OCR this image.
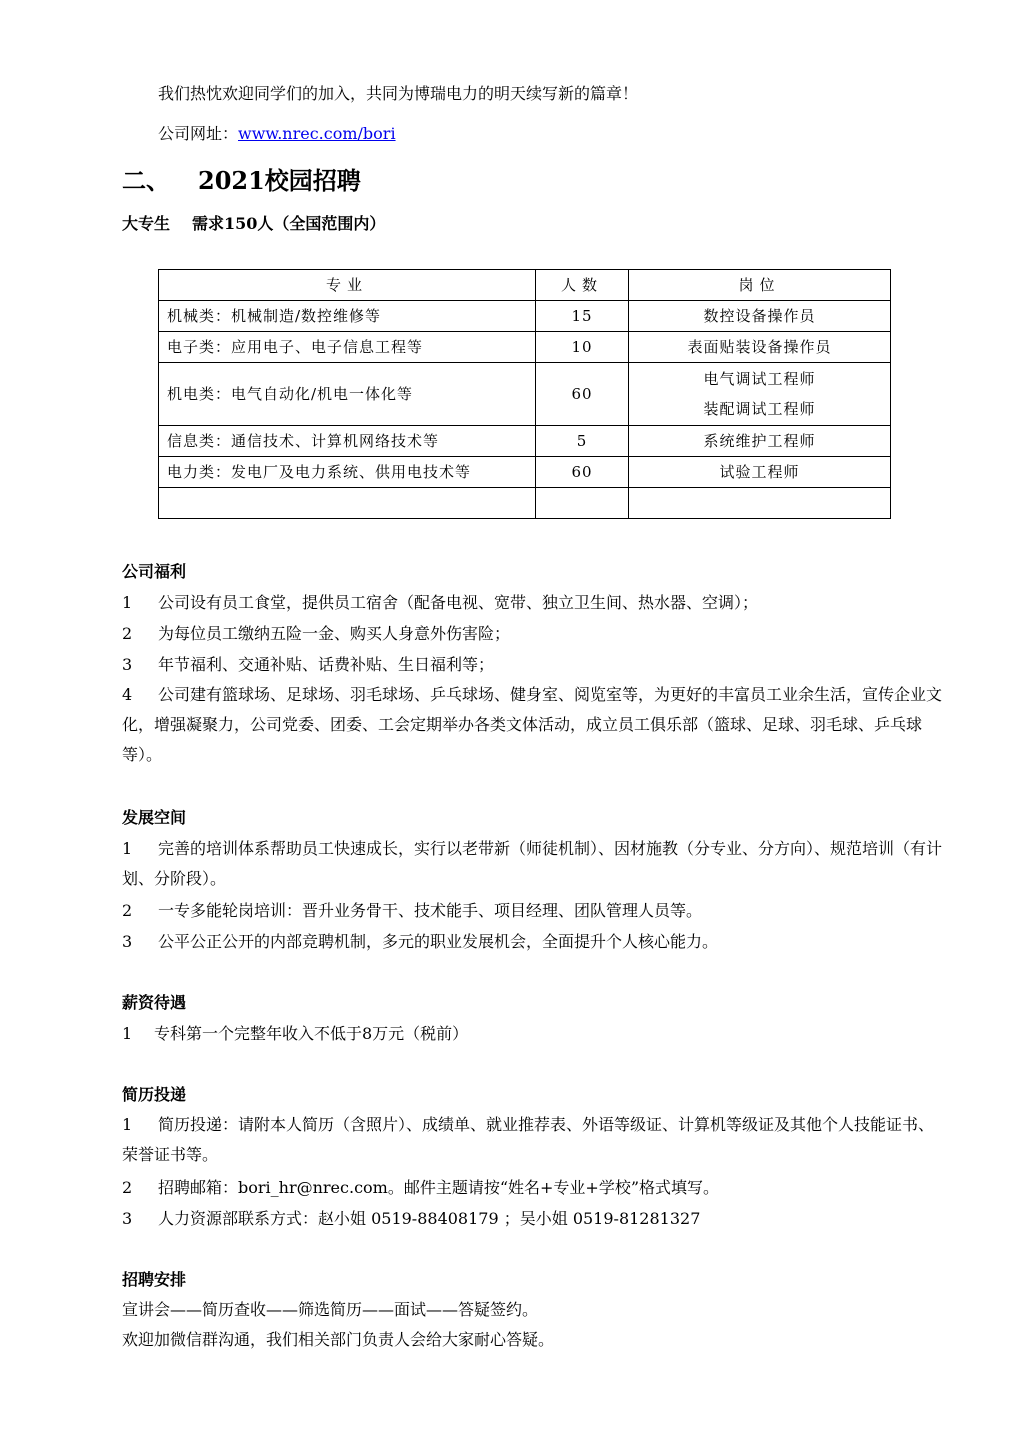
我们热忱欢迎同学们的加入，共同为博瑞电力的明天续写新的篇章！
公司网址：www.nrec.com/bori
二、 2021校园招聘
大专生 需求150人（全国范围内）
专业	人数	岗位
机械类：机械制造/数控维修等	15	数控设备操作员
电子类：应用电子、电子信息工程等	10	表面贴装设备操作员
机电类：电气自动化/机电一体化等	60	电气调试工程师
装配调试工程师

信息类：通信技术、计算机网络技术等	5	系统维护工程师
电力类：发电厂及电力系统、供用电技术等	60	试验工程师

公司福利
1 公司设有员工食堂，提供员工宿舍（配备电视、宽带、独立卫生间、热水器、空调）；
2 为每位员工缴纳五险一金、购买人身意外伤害险；
3 年节福利、交通补贴、话费补贴、生日福利等；
4	公司建有篮球场、足球场、羽毛球场、乒乓球场、健身室、阅览室等，为更好的丰富员工业余生活，宣传企业文化，增强凝聚力，公司党委、团委、工会定期举办各类文体活动，成立员工俱乐部（篮球、足球、羽毛球、乒乓球等）。
发展空间
1	完善的培训体系帮助员工快速成长，实行以老带新（师徒机制）、因材施教（分专业、分方向）、规范培训（有计划、分阶段）。
2 一专多能轮岗培训：晋升业务骨干、技术能手、项目经理、团队管理人员等。
3 公平公正公开的内部竞聘机制，多元的职业发展机会，全面提升个人核心能力。
薪资待遇
1 专科第一个完整年收入不低于8万元（税前）
简历投递
1	简历投递：请附本人简历（含照片）、成绩单、就业推荐表、外语等级证、计算机等级证及其他个人技能证书、荣誉证书等。
2 招聘邮箱：bori_hr@nrec.com。邮件主题请按“姓名+专业+学校”格式填写。
3 人力资源部联系方式：赵小姐 0519-88408179 ；吴小姐 0519-81281327
招聘安排
宣讲会——简历查收——筛选简历——面试——答疑签约。
欢迎加微信群沟通，我们相关部门负责人会给大家耐心答疑。
